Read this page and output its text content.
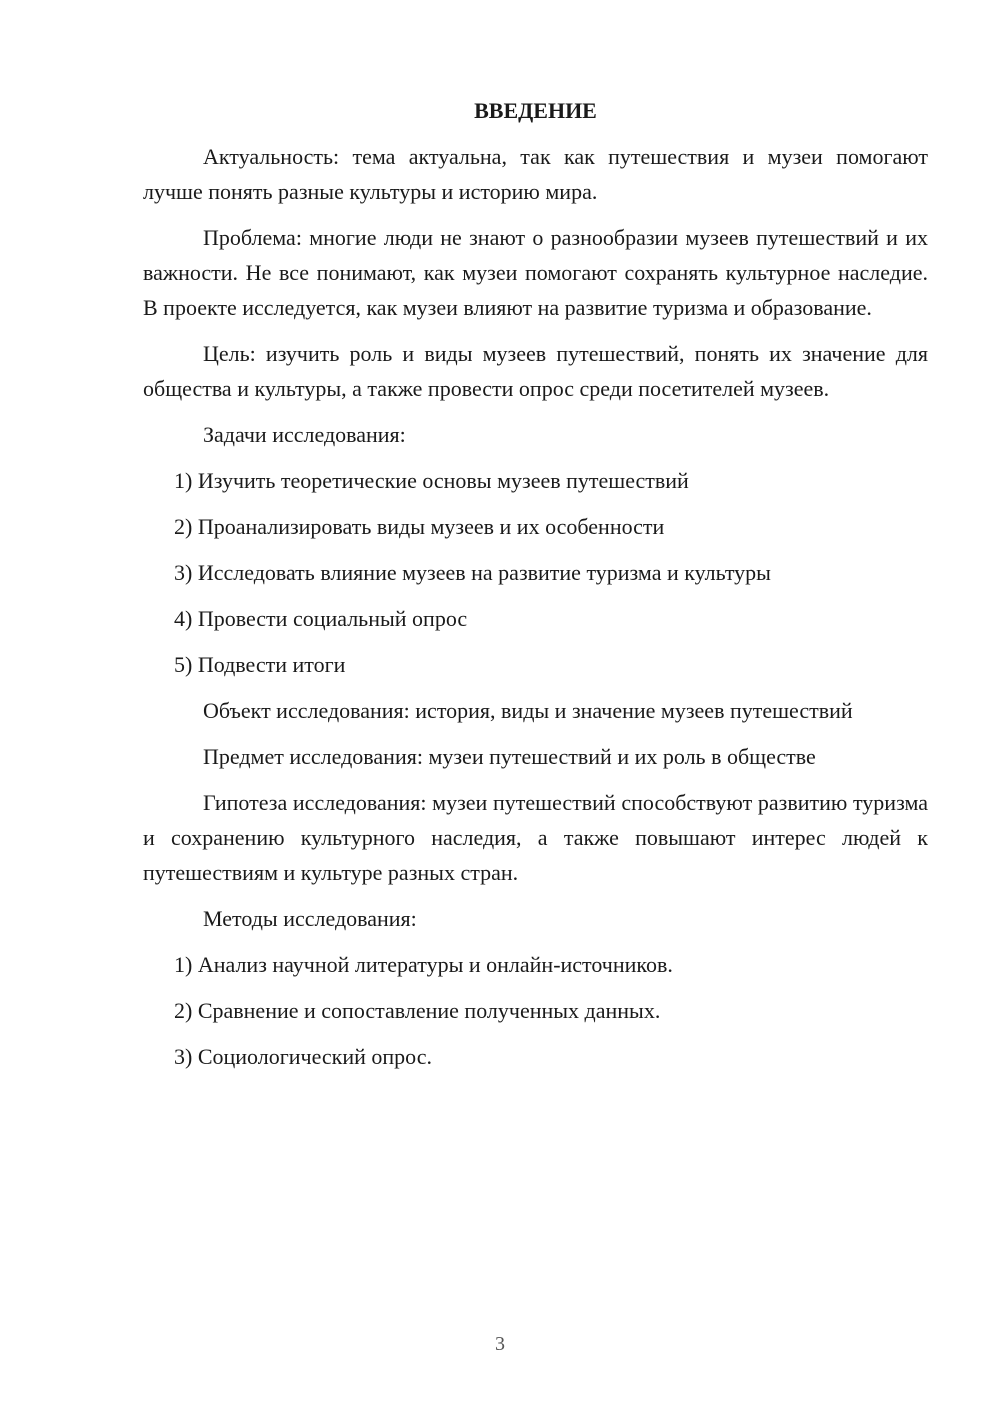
ВВЕДЕНИЕ

Актуальность: тема актуальна, так как путешествия и музеи помогают лучше понять разные культуры и историю мира.

Проблема: многие люди не знают о разнообразии музеев путешествий и их важности. Не все понимают, как музеи помогают сохранять культурное наследие. В проекте исследуется, как музеи влияют на развитие туризма и образование.

Цель: изучить роль и виды музеев путешествий, понять их значение для общества и культуры, а также провести опрос среди посетителей музеев.

Задачи исследования:

1) Изучить теоретические основы музеев путешествий

2) Проанализировать виды музеев и их особенности

3) Исследовать влияние музеев на развитие туризма и культуры

4) Провести социальный опрос

5) Подвести итоги

Объект исследования: история, виды и значение музеев путешествий

Предмет исследования: музеи путешествий и их роль в обществе

Гипотеза исследования: музеи путешествий способствуют развитию туризма и сохранению культурного наследия, а также повышают интерес людей к путешествиям и культуре разных стран.

Методы исследования:

1) Анализ научной литературы и онлайн-источников.

2) Сравнение и сопоставление полученных данных.

3) Социологический опрос.

3
